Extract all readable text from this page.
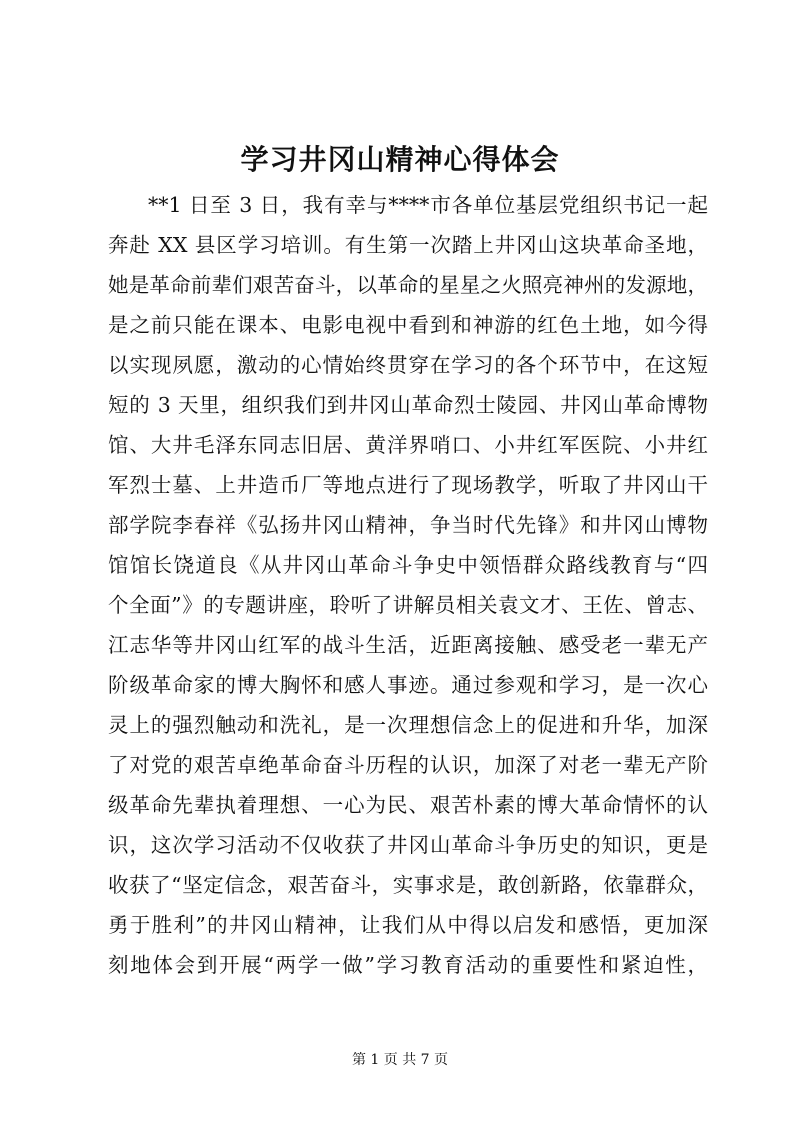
学习井冈山精神心得体会
**1 日至 3 日，我有幸与****市各单位基层党组织书记一起
奔赴 XX 县区学习培训。有生第一次踏上井冈山这块革命圣地，
她是革命前辈们艰苦奋斗，以革命的星星之火照亮神州的发源地，
是之前只能在课本、电影电视中看到和神游的红色土地，如今得
以实现夙愿，激动的心情始终贯穿在学习的各个环节中，在这短
短的 3 天里，组织我们到井冈山革命烈士陵园、井冈山革命博物
馆、大井毛泽东同志旧居、黄洋界哨口、小井红军医院、小井红
军烈士墓、上井造币厂等地点进行了现场教学，听取了井冈山干
部学院李春祥《弘扬井冈山精神，争当时代先锋》和井冈山博物
馆馆长饶道良《从井冈山革命斗争史中领悟群众路线教育与“四
个全面”》的专题讲座，聆听了讲解员相关袁文才、王佐、曾志、
江志华等井冈山红军的战斗生活，近距离接触、感受老一辈无产
阶级革命家的博大胸怀和感人事迹。通过参观和学习，是一次心
灵上的强烈触动和洗礼，是一次理想信念上的促进和升华，加深
了对党的艰苦卓绝革命奋斗历程的认识，加深了对老一辈无产阶
级革命先辈执着理想、一心为民、艰苦朴素的博大革命情怀的认
识，这次学习活动不仅收获了井冈山革命斗争历史的知识，更是
收获了“坚定信念，艰苦奋斗，实事求是，敢创新路，依靠群众，
勇于胜利”的井冈山精神，让我们从中得以启发和感悟，更加深
刻地体会到开展“两学一做”学习教育活动的重要性和紧迫性，
第 1 页 共 7 页
